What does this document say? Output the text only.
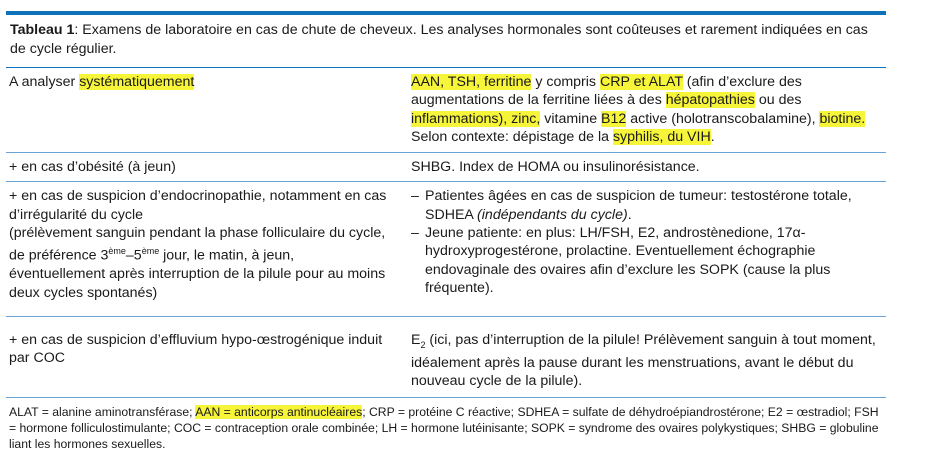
Tableau 1: Examens de laboratoire en cas de chute de cheveux. Les analyses hormonales sont coûteuses et rarement indiquées en cas de cycle régulier.
A analyser systématiquement	AAN, TSH, ferritine y compris CRP et ALAT (afin d’exclure des augmentations de la ferritine liées à des hépatopathies ou des inflammations), zinc, vitamine B12 active (holotranscobalamine), biotine.
Selon contexte: dépistage de la syphilis, du VIH.
+ en cas d’obésité (à jeun)	SHBG. Index de HOMA ou insulinorésistance.
+ en cas de suspicion d’endocrinopathie, notamment en cas d’irrégularité du cycle
(prélèvement sanguin pendant la phase folliculaire du cycle, de préférence 3ème–5ème jour, le matin, à jeun, éventuellement après interruption de la pilule pour au moins deux cycles spontanés)
– Patientes âgées en cas de suspicion de tumeur: testostérone totale, SDHEA (indépendants du cycle).
– Jeune patiente: en plus: LH/FSH, E2, androstènedione, 17α-hydroxyprogestérone, prolactine. Eventuellement échographie endovaginale des ovaires afin d’exclure les SOPK (cause la plus fréquente).
+ en cas de suspicion d’effluvium hypo-œstrogénique induit par COC
$E_2$ (ici, pas d’interruption de la pilule! Prélèvement sanguin à tout moment, idéalement après la pause durant les menstruations, avant le début du nouveau cycle de la pilule).
ALAT = alanine aminotransférase; AAN = anticorps antinucléaires; CRP = protéine C réactive; SDHEA = sulfate de déhydroépiandrostérone; E2 = œstradiol; FSH = hormone folliculostimulante; COC = contraception orale combinée; LH = hormone lutéinisante; SOPK = syndrome des ovaires polykystiques; SHBG = globuline liant les hormones sexuelles.
